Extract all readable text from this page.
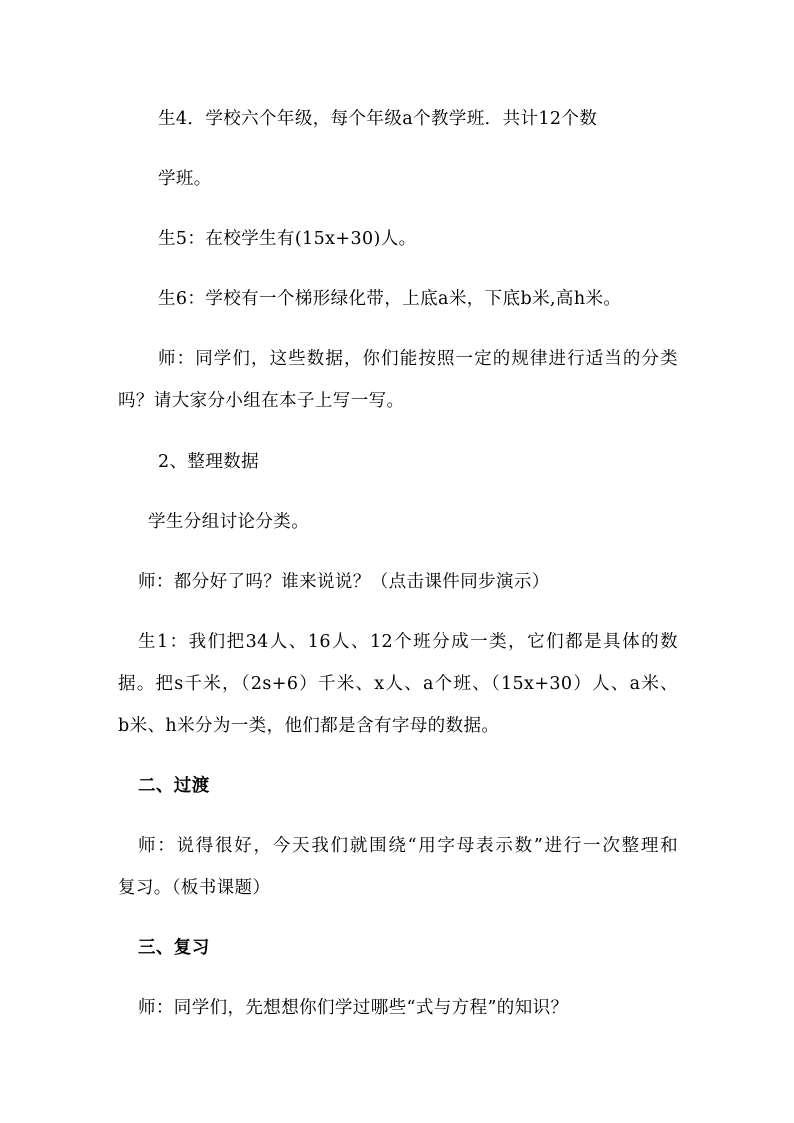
生4．学校六个年级，每个年级a个教学班．共计12个数
学班。
生5：在校学生有(15x+30)人。
生6：学校有一个梯形绿化带，上底a米，下底b米,高h米。
师：同学们，这些数据，你们能按照一定的规律进行适当的分类
吗？请大家分小组在本子上写一写。
2、整理数据
学生分组讨论分类。
师：都分好了吗？谁来说说？（点击课件同步演示）
生1：我们把34人、16人、12个班分成一类，它们都是具体的数
据。把s千米，（2s+6）千米、x人、a个班、（15x+30）人、a米、
b米、h米分为一类，他们都是含有字母的数据。
二、过渡
师：说得很好，今天我们就围绕“用字母表示数”进行一次整理和
复习。（板书课题）
三、复习
师：同学们，先想想你们学过哪些“式与方程”的知识？
